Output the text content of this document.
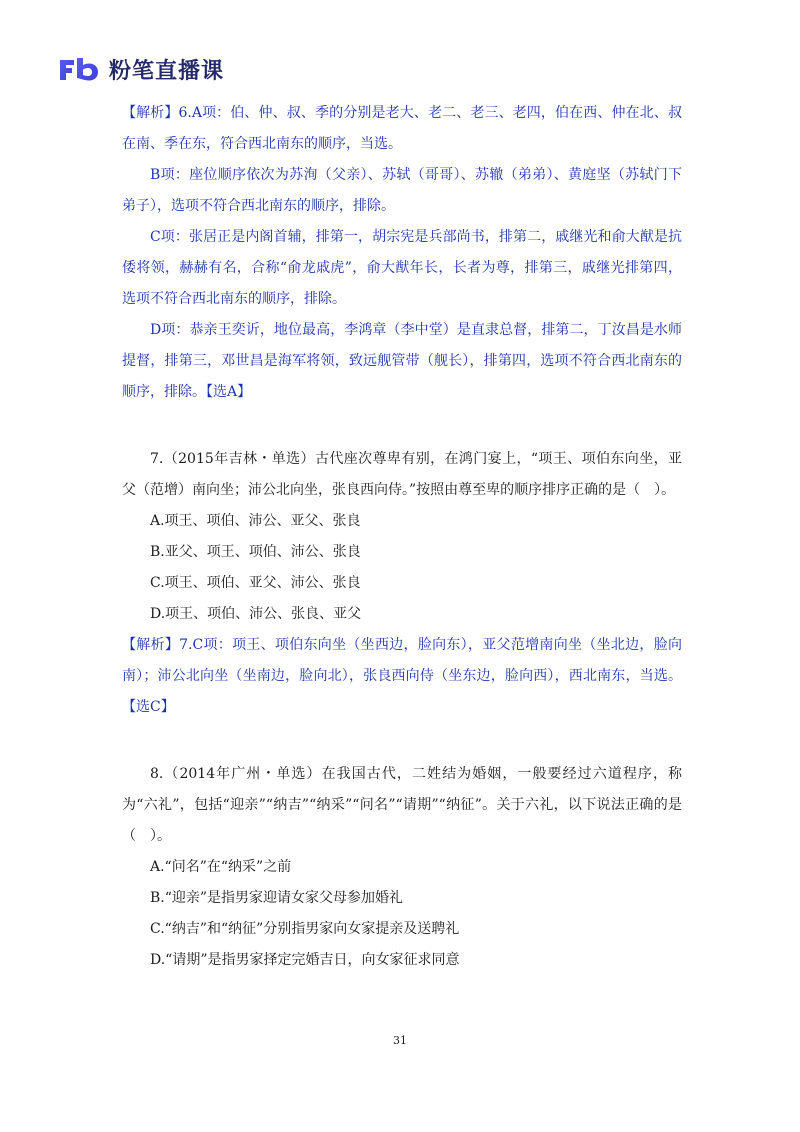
粉笔直播课

【解析】6.A项：伯、仲、叔、季的分别是老大、老二、老三、老四，伯在西、仲在北、叔在南、季在东，符合西北南东的顺序，当选。

B项：座位顺序依次为苏洵（父亲）、苏轼（哥哥）、苏辙（弟弟）、黄庭坚（苏轼门下弟子），选项不符合西北南东的顺序，排除。

C项：张居正是内阁首辅，排第一，胡宗宪是兵部尚书，排第二，戚继光和俞大猷是抗倭将领，赫赫有名，合称“俞龙戚虎”，俞大猷年长，长者为尊，排第三，戚继光排第四，选项不符合西北南东的顺序，排除。

D项：恭亲王奕䜣，地位最高，李鸿章（李中堂）是直隶总督，排第二，丁汝昌是水师提督，排第三，邓世昌是海军将领，致远舰管带（舰长），排第四，选项不符合西北南东的顺序，排除。【选A】

7.（2015年吉林・单选）古代座次尊卑有别，在鸿门宴上，“项王、项伯东向坐，亚父（范增）南向坐；沛公北向坐，张良西向侍。”按照由尊至卑的顺序排序正确的是（　）。

A.项王、项伯、沛公、亚父、张良

B.亚父、项王、项伯、沛公、张良

C.项王、项伯、亚父、沛公、张良

D.项王、项伯、沛公、张良、亚父

【解析】7.C项：项王、项伯东向坐（坐西边，脸向东），亚父范增南向坐（坐北边，脸向南）；沛公北向坐（坐南边，脸向北），张良西向侍（坐东边，脸向西），西北南东，当选。【选C】

8.（2014年广州・单选）在我国古代，二姓结为婚姻，一般要经过六道程序，称为“六礼”，包括“迎亲”“纳吉”“纳采”“问名”“请期”“纳征”。关于六礼，以下说法正确的是（　）。

A.“问名”在“纳采”之前

B.“迎亲”是指男家迎请女家父母参加婚礼

C.“纳吉”和“纳征”分别指男家向女家提亲及送聘礼

D.“请期”是指男家择定完婚吉日，向女家征求同意

31
